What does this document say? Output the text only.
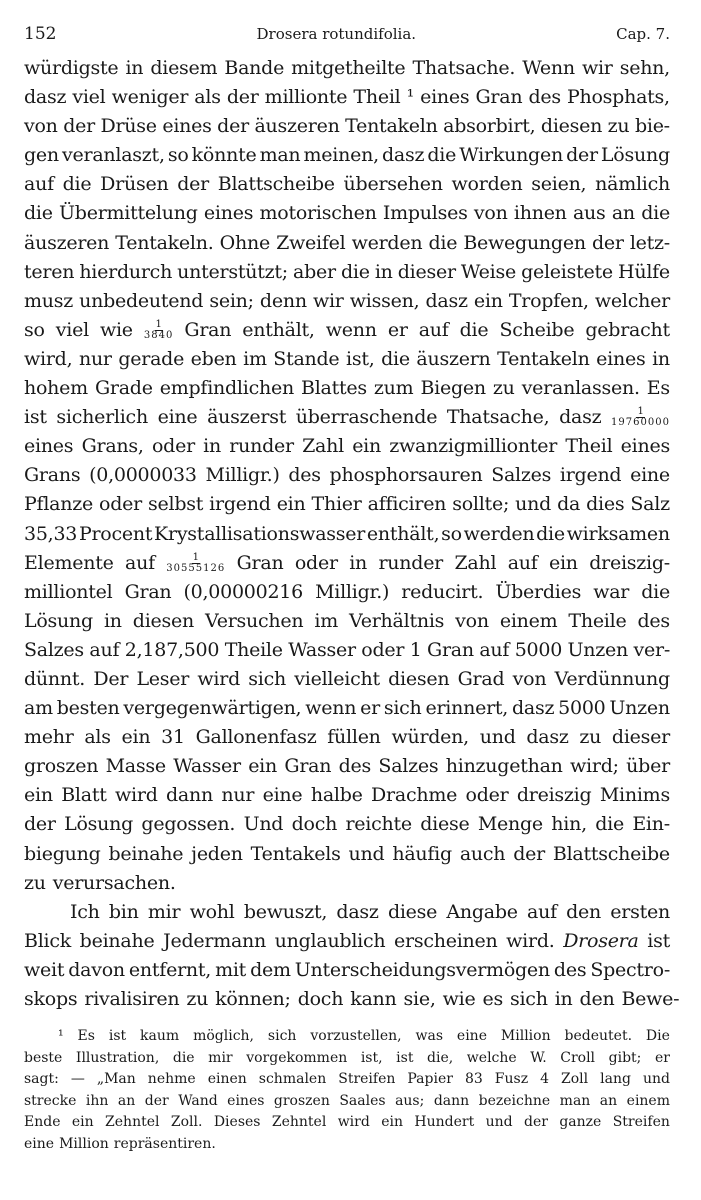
152	Drosera rotundifolia.	Cap. 7.
würdigste in diesem Bande mitgetheilte Thatsache. Wenn wir sehn,
dasz viel weniger als der millionte Theil ¹ eines Gran des Phosphats,
von der Drüse eines der äuszeren Tentakeln absorbirt, diesen zu bie-
gen veranlaszt, so könnte man meinen, dasz die Wirkungen der Lösung
auf die Drüsen der Blattscheibe übersehen worden seien, nämlich
die Übermittelung eines motorischen Impulses von ihnen aus an die
äuszeren Tentakeln. Ohne Zweifel werden die Bewegungen der letz-
teren hierdurch unterstützt; aber die in dieser Weise geleistete Hülfe
musz unbedeutend sein; denn wir wissen, dasz ein Tropfen, welcher
so viel wie $\frac{1}{3840}$ Gran enthält, wenn er auf die Scheibe gebracht
wird, nur gerade eben im Stande ist, die äuszern Tentakeln eines in
hohem Grade empfindlichen Blattes zum Biegen zu veranlassen. Es
ist sicherlich eine äuszerst überraschende Thatsache, dasz $\frac{1}{19760000}$
eines Grans, oder in runder Zahl ein zwanzigmillionter Theil eines
Grans (0,0000033 Milligr.) des phosphorsauren Salzes irgend eine
Pflanze oder selbst irgend ein Thier afficiren sollte; und da dies Salz
35,33 Procent Krystallisationswasser enthält, so werden die wirksamen
Elemente auf $\frac{1}{30555126}$ Gran oder in runder Zahl auf ein dreiszig-
milliontel Gran (0,00000216 Milligr.) reducirt. Überdies war die
Lösung in diesen Versuchen im Verhältnis von einem Theile des
Salzes auf 2,187,500 Theile Wasser oder 1 Gran auf 5000 Unzen ver-
dünnt. Der Leser wird sich vielleicht diesen Grad von Verdünnung
am besten vergegenwärtigen, wenn er sich erinnert, dasz 5000 Unzen
mehr als ein 31 Gallonenfasz füllen würden, und dasz zu dieser
groszen Masse Wasser ein Gran des Salzes hinzugethan wird; über
ein Blatt wird dann nur eine halbe Drachme oder dreiszig Minims
der Lösung gegossen. Und doch reichte diese Menge hin, die Ein-
biegung beinahe jeden Tentakels und häufig auch der Blattscheibe
zu verursachen.
Ich bin mir wohl bewuszt, dasz diese Angabe auf den ersten
Blick beinahe Jedermann unglaublich erscheinen wird. Drosera ist
weit davon entfernt, mit dem Unterscheidungsvermögen des Spectro-
skops rivalisiren zu können; doch kann sie, wie es sich in den Bewe-
¹ Es ist kaum möglich, sich vorzustellen, was eine Million bedeutet. Die
beste Illustration, die mir vorgekommen ist, ist die, welche W. Croll gibt; er
sagt: — „Man nehme einen schmalen Streifen Papier 83 Fusz 4 Zoll lang und
strecke ihn an der Wand eines groszen Saales aus; dann bezeichne man an einem
Ende ein Zehntel Zoll. Dieses Zehntel wird ein Hundert und der ganze Streifen
eine Million repräsentiren.
